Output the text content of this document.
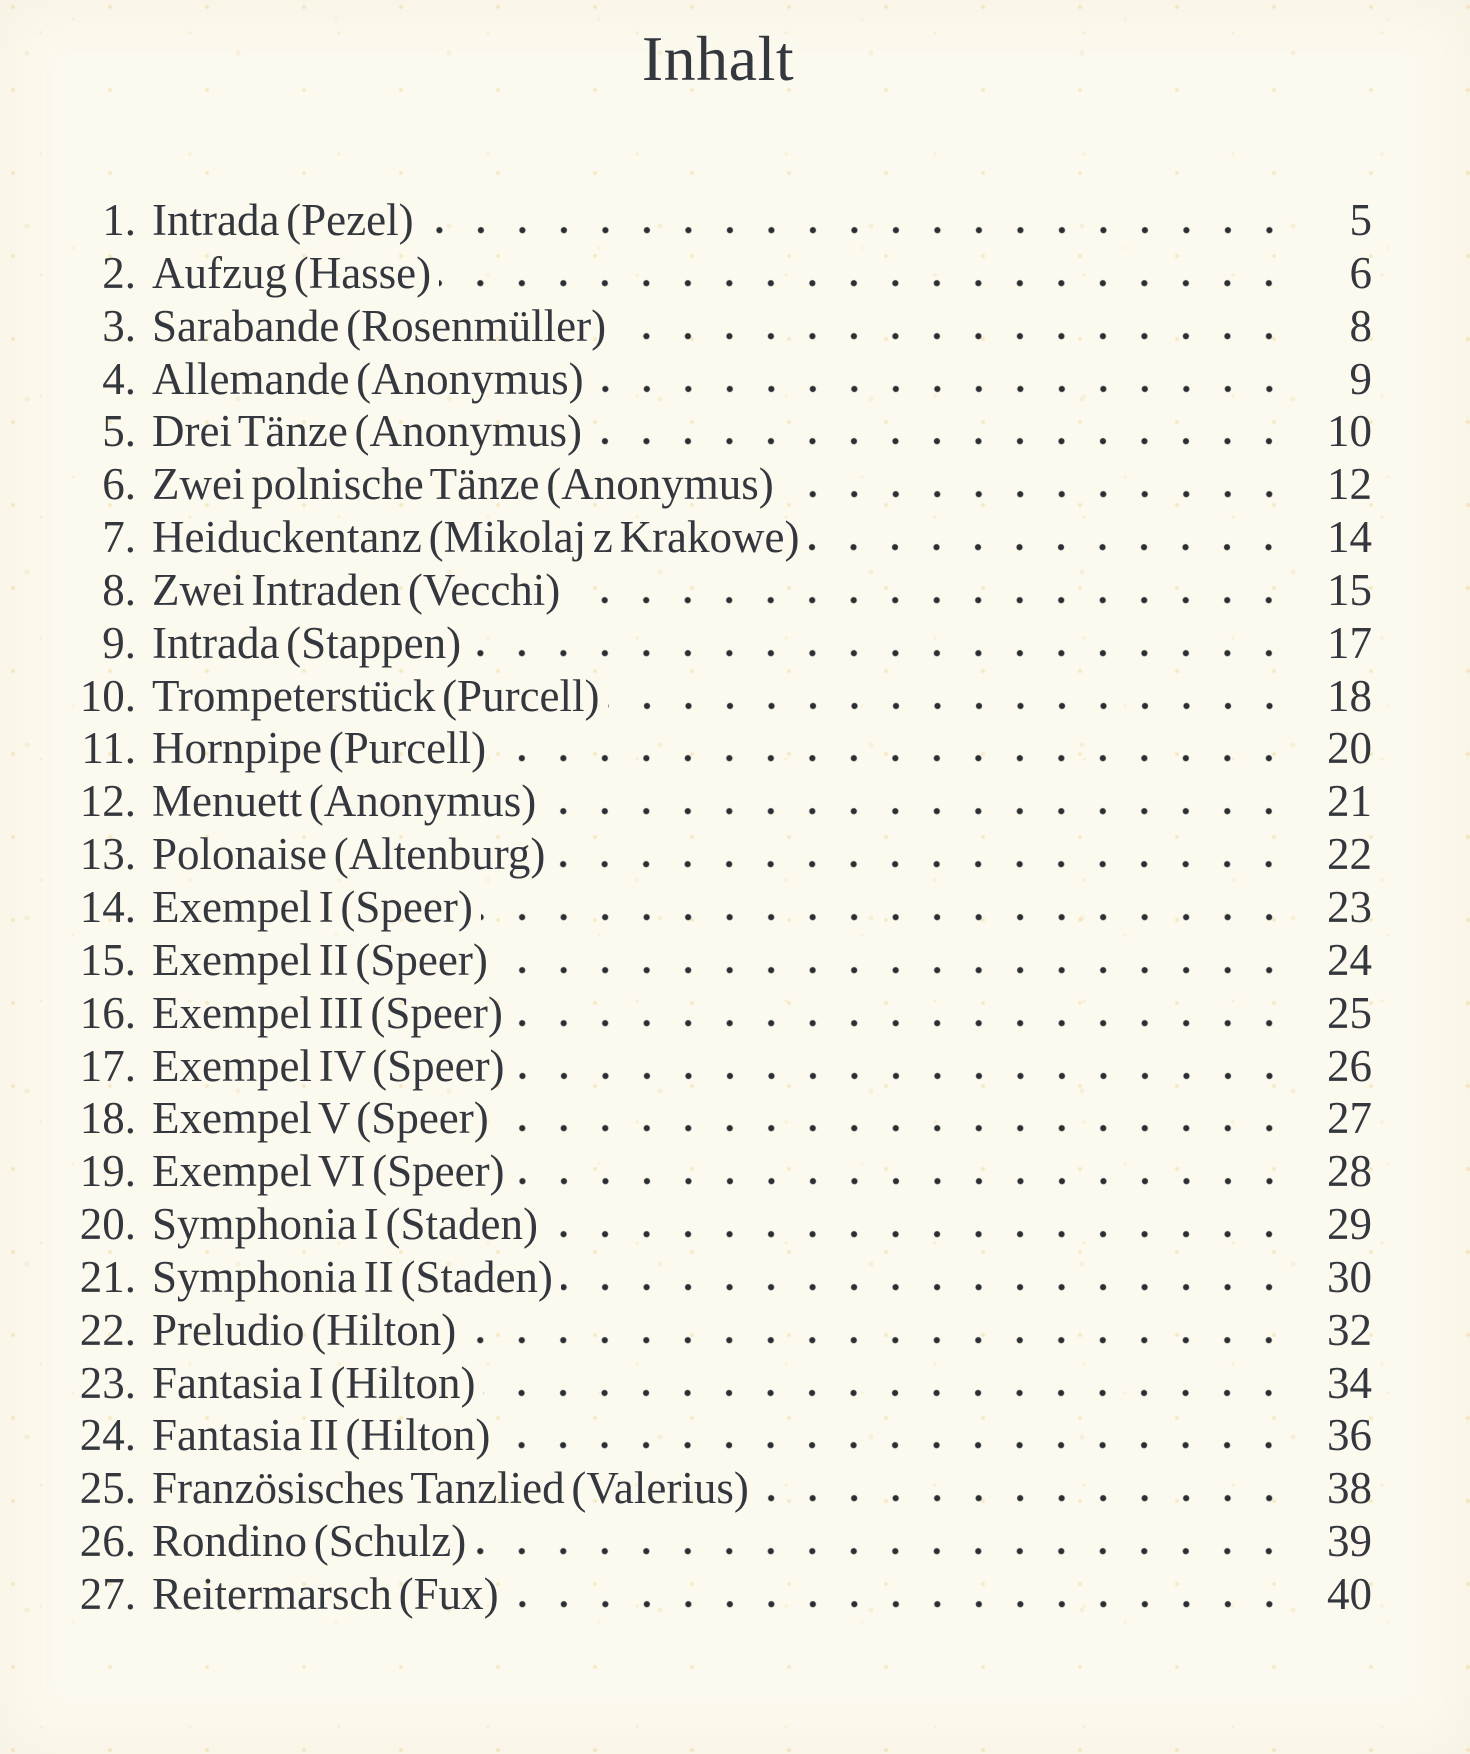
Inhalt
1. Intrada (Pezel)	5
2. Aufzug (Hasse)	6
3. Sarabande (Rosenmüller)	8
4. Allemande (Anonymus)	9
5. Drei Tänze (Anonymus)	10
6. Zwei polnische Tänze (Anonymus)	12
7. Heiduckentanz (Mikolaj z Krakowe)	14
8. Zwei Intraden (Vecchi)	15
9. Intrada (Stappen)	17
10. Trompeterstück (Purcell)	18
11. Hornpipe (Purcell)	20
12. Menuett (Anonymus)	21
13. Polonaise (Altenburg)	22
14. Exempel I (Speer)	23
15. Exempel II (Speer)	24
16. Exempel III (Speer)	25
17. Exempel IV (Speer)	26
18. Exempel V (Speer)	27
19. Exempel VI (Speer)	28
20. Symphonia I (Staden)	29
21. Symphonia II (Staden)	30
22. Preludio (Hilton)	32
23. Fantasia I (Hilton)	34
24. Fantasia II (Hilton)	36
25. Französisches Tanzlied (Valerius)	38
26. Rondino (Schulz)	39
27. Reitermarsch (Fux)	40
